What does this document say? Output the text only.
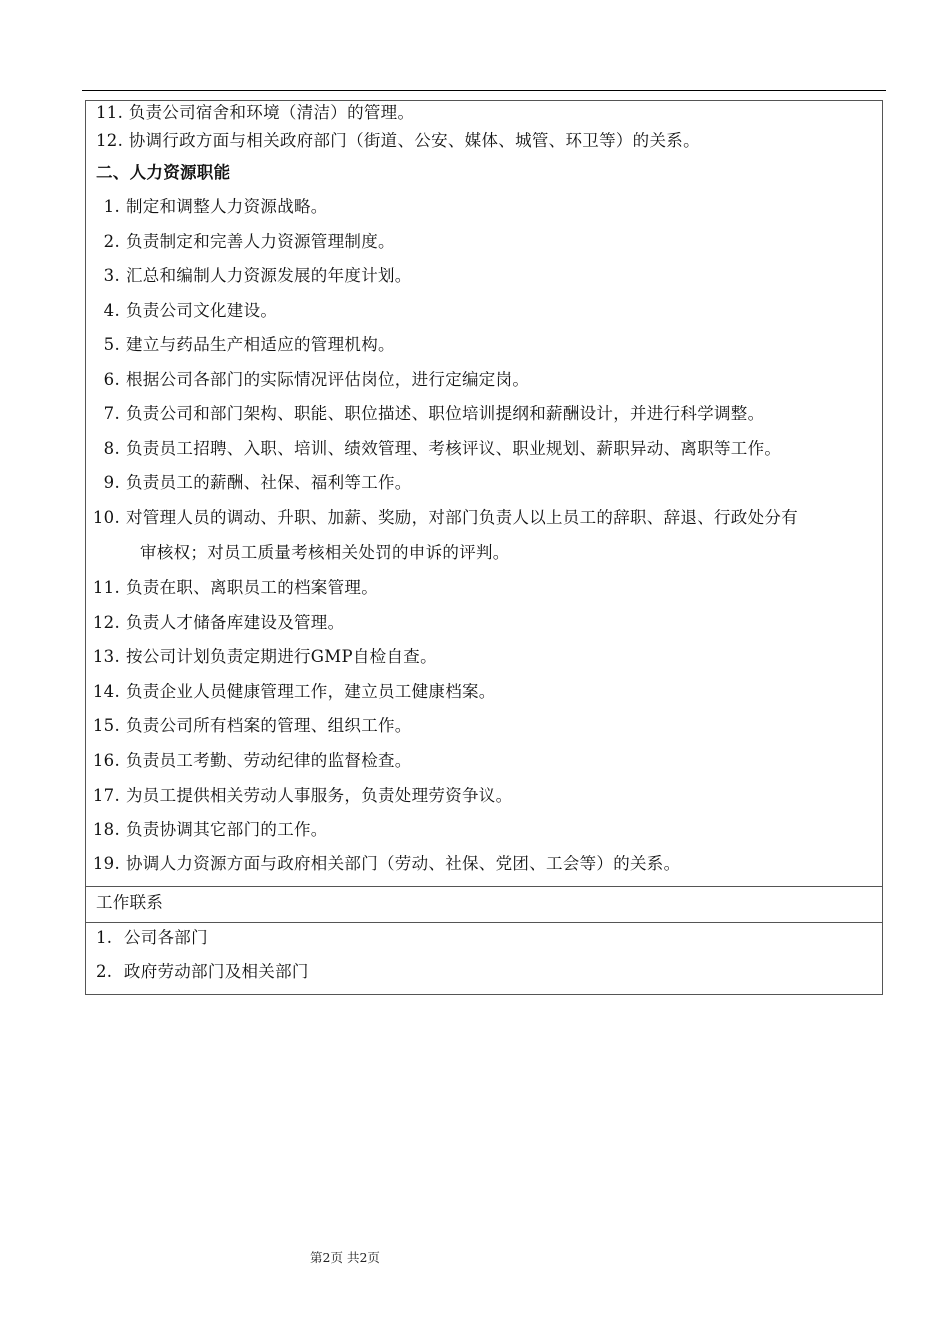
11. 负责公司宿舍和环境（清洁）的管理。
12. 协调行政方面与相关政府部门（街道、公安、媒体、城管、环卫等）的关系。
二、人力资源职能
1. 制定和调整人力资源战略。
2. 负责制定和完善人力资源管理制度。
3. 汇总和编制人力资源发展的年度计划。
4. 负责公司文化建设。
5. 建立与药品生产相适应的管理机构。
6. 根据公司各部门的实际情况评估岗位，进行定编定岗。
7. 负责公司和部门架构、职能、职位描述、职位培训提纲和薪酬设计，并进行科学调整。
8. 负责员工招聘、入职、培训、绩效管理、考核评议、职业规划、薪职异动、离职等工作。
9. 负责员工的薪酬、社保、福利等工作。
10. 对管理人员的调动、升职、加薪、奖励，对部门负责人以上员工的辞职、辞退、行政处分有
审核权；对员工质量考核相关处罚的申诉的评判。
11. 负责在职、离职员工的档案管理。
12. 负责人才储备库建设及管理。
13. 按公司计划负责定期进行GMP自检自查。
14. 负责企业人员健康管理工作，建立员工健康档案。
15. 负责公司所有档案的管理、组织工作。
16. 负责员工考勤、劳动纪律的监督检查。
17. 为员工提供相关劳动人事服务，负责处理劳资争议。
18. 负责协调其它部门的工作。
19. 协调人力资源方面与政府相关部门（劳动、社保、党团、工会等）的关系。
工作联系
1. 公司各部门
2. 政府劳动部门及相关部门
第2页 共2页
